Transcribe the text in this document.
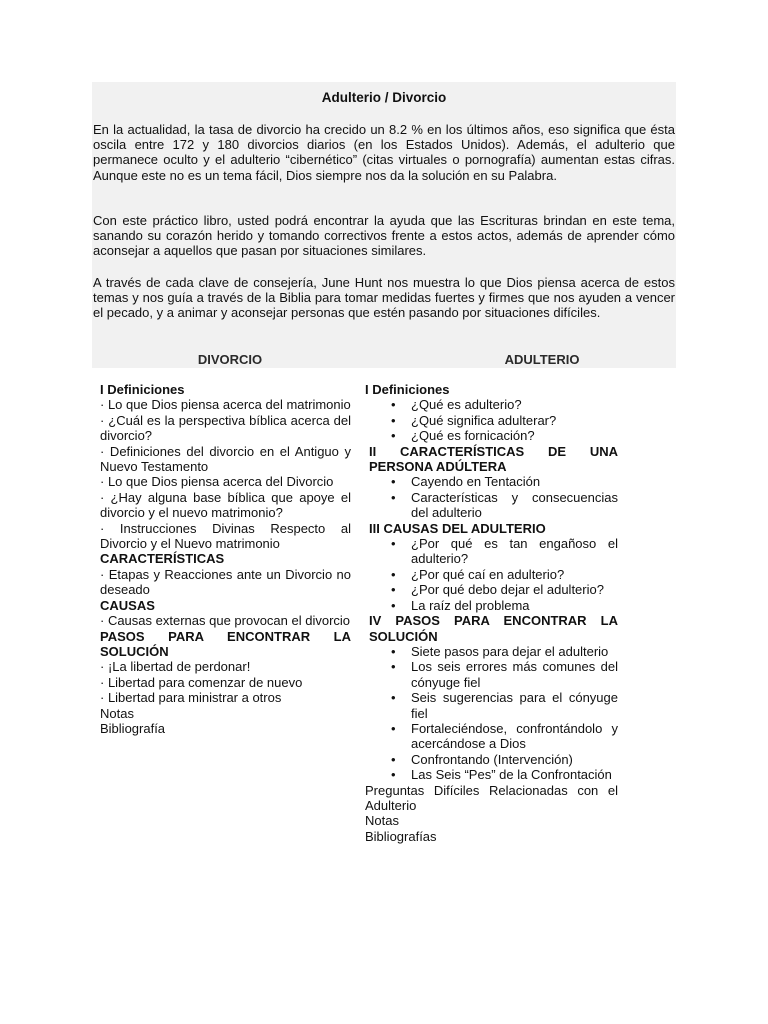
Adulterio / Divorcio

En la actualidad, la tasa de divorcio ha crecido un 8.2 % en los últimos años, eso significa que ésta oscila entre 172 y 180 divorcios diarios (en los Estados Unidos). Además, el adulterio que permanece oculto y el adulterio “cibernético” (citas virtuales o pornografía) aumentan estas cifras. Aunque este no es un tema fácil, Dios siempre nos da la solución en su Palabra.

Con este práctico libro, usted podrá encontrar la ayuda que las Escrituras brindan en este tema, sanando su corazón herido y tomando correctivos frente a estos actos, además de aprender cómo aconsejar a aquellos que pasan por situaciones similares.

A través de cada clave de consejería, June Hunt nos muestra lo que Dios piensa acerca de estos temas y nos guía a través de la Biblia para tomar medidas fuertes y firmes que nos ayuden a vencer el pecado, y a animar y aconsejar personas que estén pasando por situaciones difíciles.

DIVORCIO	ADULTERIO
I Definiciones
· Lo que Dios piensa acerca del matrimonio
· ¿Cuál es la perspectiva bíblica acerca del divorcio?
· Definiciones del divorcio en el Antiguo y Nuevo Testamento
· Lo que Dios piensa acerca del Divorcio
· ¿Hay alguna base bíblica que apoye el divorcio y el nuevo matrimonio?
· Instrucciones Divinas Respecto al Divorcio y el Nuevo matrimonio
CARACTERÍSTICAS
· Etapas y Reacciones ante un Divorcio no deseado
CAUSAS
· Causas externas que provocan el divorcio
PASOS PARA ENCONTRAR LA SOLUCIÓN
· ¡La libertad de perdonar!
· Libertad para comenzar de nuevo
· Libertad para ministrar a otros
Notas
Bibliografía
I Definiciones
• ¿Qué es adulterio?
• ¿Qué significa adulterar?
• ¿Qué es fornicación?
II CARACTERÍSTICAS DE UNA PERSONA ADÚLTERA
• Cayendo en Tentación
• Características y consecuencias del adulterio
III CAUSAS DEL ADULTERIO
• ¿Por qué es tan engañoso el adulterio?
• ¿Por qué caí en adulterio?
• ¿Por qué debo dejar el adulterio?
• La raíz del problema
IV PASOS PARA ENCONTRAR LA SOLUCIÓN
• Siete pasos para dejar el adulterio
• Los seis errores más comunes del cónyuge fiel
• Seis sugerencias para el cónyuge fiel
• Fortaleciéndose, confrontándolo y acercándose a Dios
• Confrontando (Intervención)
• Las Seis “Pes” de la Confrontación
Preguntas Difíciles Relacionadas con el Adulterio
Notas
Bibliografías
